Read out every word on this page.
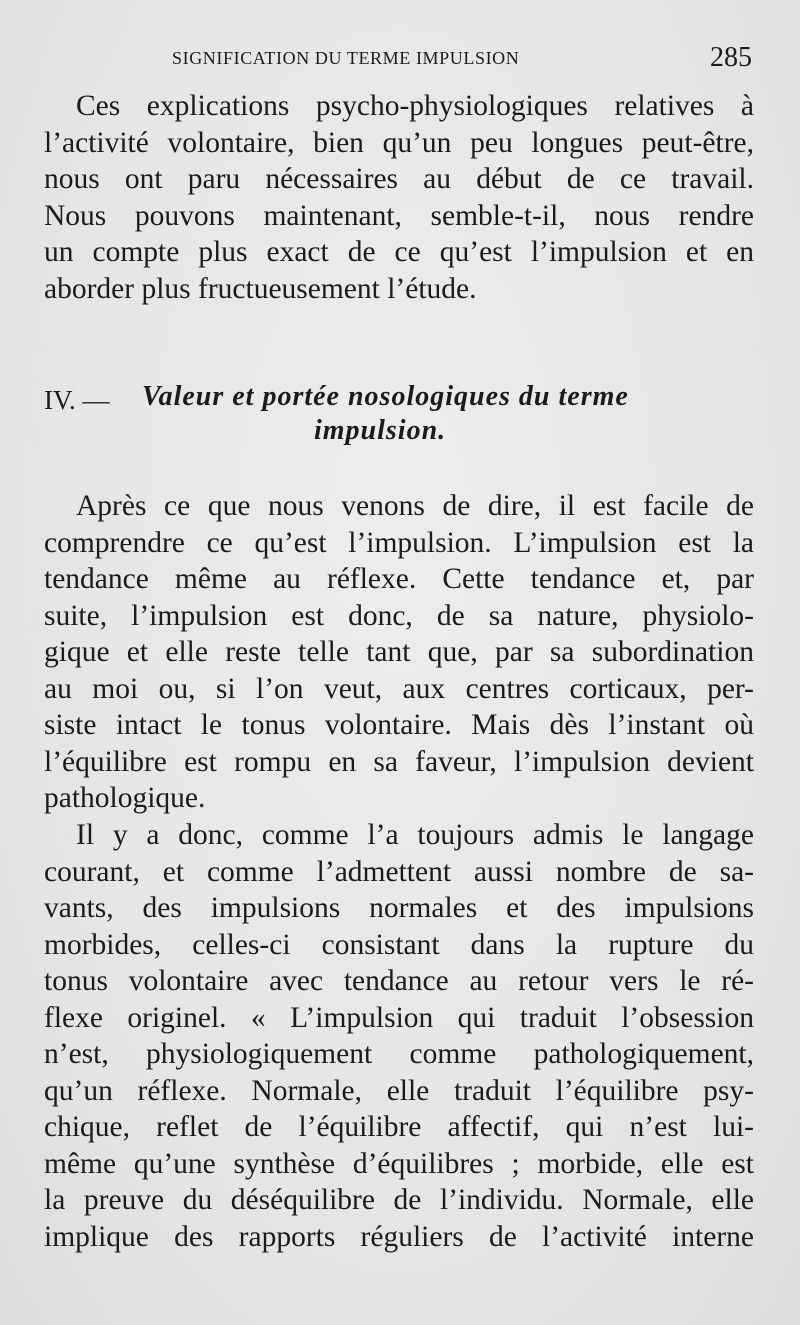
SIGNIFICATION DU TERME IMPULSION	285
Ces explications psycho-physiologiques relatives à
l’activité volontaire, bien qu’un peu longues peut-être,
nous ont paru nécessaires au début de ce travail.
Nous pouvons maintenant, semble-t-il, nous rendre
un compte plus exact de ce qu’est l’impulsion et en
aborder plus fructueusement l’étude.
IV. — Valeur et portée nosologiques du terme
impulsion.
Après ce que nous venons de dire, il est facile de
comprendre ce qu’est l’impulsion. L’impulsion est la
tendance même au réflexe. Cette tendance et, par
suite, l’impulsion est donc, de sa nature, physiolo-
gique et elle reste telle tant que, par sa subordination
au moi ou, si l’on veut, aux centres corticaux, per-
siste intact le tonus volontaire. Mais dès l’instant où
l’équilibre est rompu en sa faveur, l’impulsion devient
pathologique.
Il y a donc, comme l’a toujours admis le langage
courant, et comme l’admettent aussi nombre de sa-
vants, des impulsions normales et des impulsions
morbides, celles-ci consistant dans la rupture du
tonus volontaire avec tendance au retour vers le ré-
flexe originel. « L’impulsion qui traduit l’obsession
n’est, physiologiquement comme pathologiquement,
qu’un réflexe. Normale, elle traduit l’équilibre psy-
chique, reflet de l’équilibre affectif, qui n’est lui-
même qu’une synthèse d’équilibres ; morbide, elle est
la preuve du déséquilibre de l’individu. Normale, elle
implique des rapports réguliers de l’activité interne
